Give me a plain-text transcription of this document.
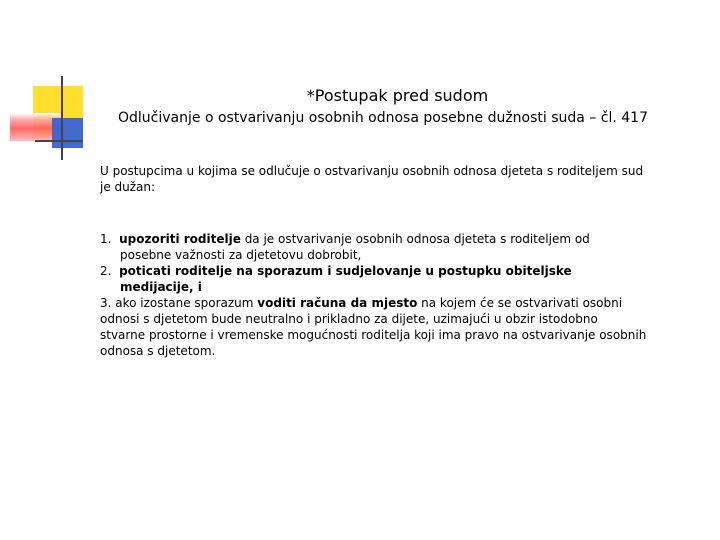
*Postupak pred sudom
Odlučivanje o ostvarivanju osobnih odnosa posebne dužnosti suda – čl. 417

U postupcima u kojima se odlučuje o ostvarivanju osobnih odnosa djeteta s roditeljem sud

je dužan:

1. upozoriti roditelje da je ostvarivanje osobnih odnosa djeteta s roditeljem od

posebne važnosti za djetetovu dobrobit,

2. poticati roditelje na sporazum i sudjelovanje u postupku obiteljske

medijacije, i

3. ako izostane sporazum voditi računa da mjesto na kojem će se ostvarivati osobni

odnosi s djetetom bude neutralno i prikladno za dijete, uzimajući u obzir istodobno

stvarne prostorne i vremenske mogućnosti roditelja koji ima pravo na ostvarivanje osobnih

odnosa s djetetom.
